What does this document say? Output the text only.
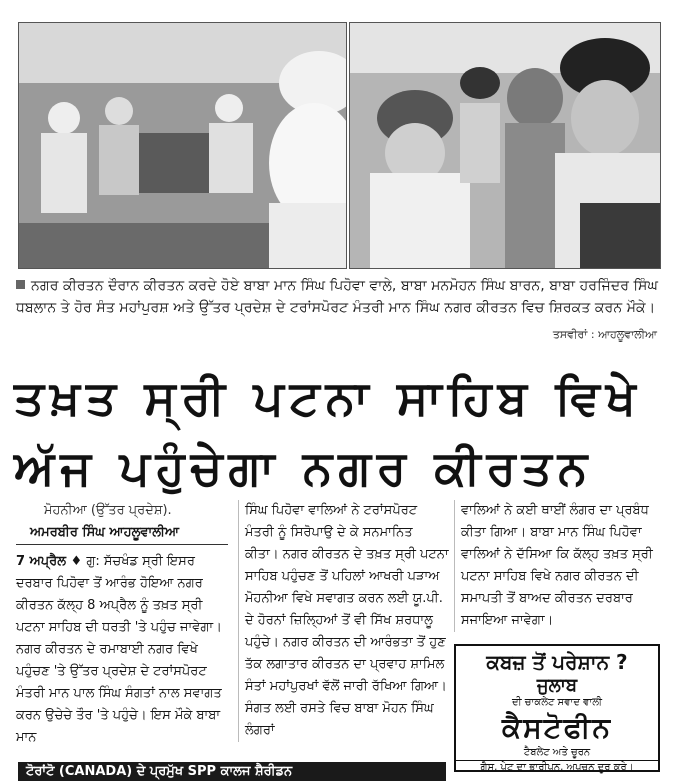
ਨਗਰ ਕੀਰਤਨ ਦੌਰਾਨ ਕੀਰਤਨ ਕਰਦੇ ਹੋਏ ਬਾਬਾ ਮਾਨ ਸਿੰਘ ਪਿਹੋਵਾ ਵਾਲੇ, ਬਾਬਾ ਮਨਮੋਹਨ ਸਿੰਘ ਬਾਰਨ, ਬਾਬਾ ਹਰਜਿੰਦਰ ਸਿੰਘ ਧਬਲਾਨ ਤੇ ਹੋਰ ਸੰਤ ਮਹਾਂਪੁਰਸ਼ ਅਤੇ ਉੱਤਰ ਪ੍ਰਦੇਸ਼ ਦੇ ਟਰਾਂਸਪੋਰਟ ਮੰਤਰੀ ਮਾਨ ਸਿੰਘ ਨਗਰ ਕੀਰਤਨ ਵਿਚ ਸ਼ਿਰਕਤ ਕਰਨ ਮੌਕੇ।
ਤਸਵੀਰਾਂ : ਆਹਲੂਵਾਲੀਆ
ਤਖ਼ਤ ਸ੍ਰੀ ਪਟਨਾ ਸਾਹਿਬ ਵਿਖੇ
ਅੱਜ ਪਹੁੰਚੇਗਾ ਨਗਰ ਕੀਰਤਨ
ਮੋਹਨੀਆ (ਉੱਤਰ ਪ੍ਰਦੇਸ਼).
ਅਮਰਬੀਰ ਸਿੰਘ ਆਹਲੂਵਾਲੀਆ
7 ਅਪ੍ਰੈਲ ♦ ਗੁ: ਸੱਚਖੰਡ ਸ੍ਰੀ ਇਸਰ ਦਰਬਾਰ ਪਿਹੋਵਾ ਤੋਂ ਆਰੰਭ ਹੋਇਆ ਨਗਰ ਕੀਰਤਨ ਕੱਲ੍ਹ 8 ਅਪ੍ਰੈਲ ਨੂੰ ਤਖ਼ਤ ਸ੍ਰੀ ਪਟਨਾ ਸਾਹਿਬ ਦੀ ਧਰਤੀ 'ਤੇ ਪਹੁੰਚ ਜਾਵੇਗਾ। ਨਗਰ ਕੀਰਤਨ ਦੇ ਰਮਾਬਾਈ ਨਗਰ ਵਿਖੇ ਪਹੁੰਚਣ 'ਤੇ ਉੱਤਰ ਪ੍ਰਦੇਸ਼ ਦੇ ਟਰਾਂਸਪੋਰਟ ਮੰਤਰੀ ਮਾਨ ਪਾਲ ਸਿੰਘ ਸੰਗਤਾਂ ਨਾਲ ਸਵਾਗਤ ਕਰਨ ਉਚੇਚੇ ਤੌਰ 'ਤੇ ਪਹੁੰਚੇ। ਇਸ ਮੌਕੇ ਬਾਬਾ ਮਾਨ
ਸਿੰਘ ਪਿਹੋਵਾ ਵਾਲਿਆਂ ਨੇ ਟਰਾਂਸਪੋਰਟ ਮੰਤਰੀ ਨੂੰ ਸਿਰੋਪਾਉ ਦੇ ਕੇ ਸਨਮਾਨਿਤ ਕੀਤਾ। ਨਗਰ ਕੀਰਤਨ ਦੇ ਤਖ਼ਤ ਸ੍ਰੀ ਪਟਨਾ ਸਾਹਿਬ ਪਹੁੰਚਣ ਤੋਂ ਪਹਿਲਾਂ ਆਖਰੀ ਪੜਾਅ ਮੋਹਨੀਆ ਵਿਖੇ ਸਵਾਗਤ ਕਰਨ ਲਈ ਯੂ.ਪੀ. ਦੇ ਹੋਰਨਾਂ ਜ਼ਿਲ੍ਹਿਆਂ ਤੋਂ ਵੀ ਸਿੱਖ ਸ਼ਰਧਾਲੂ ਪਹੁੰਚੇ। ਨਗਰ ਕੀਰਤਨ ਦੀ ਆਰੰਭਤਾ ਤੋਂ ਹੁਣ ਤੱਕ ਲਗਾਤਾਰ ਕੀਰਤਨ ਦਾ ਪ੍ਰਵਾਹ ਸ਼ਾਮਿਲ ਸੰਤਾਂ ਮਹਾਂਪੁਰਖਾਂ ਵੱਲੋਂ ਜਾਰੀ ਰੱਖਿਆ ਗਿਆ। ਸੰਗਤ ਲਈ ਰਸਤੇ ਵਿਚ ਬਾਬਾ ਮੋਹਨ ਸਿੰਘ ਲੰਗਰਾਂ
ਵਾਲਿਆਂ ਨੇ ਕਈ ਥਾਈਂ ਲੰਗਰ ਦਾ ਪ੍ਰਬੰਧ ਕੀਤਾ ਗਿਆ। ਬਾਬਾ ਮਾਨ ਸਿੰਘ ਪਿਹੋਵਾ ਵਾਲਿਆਂ ਨੇ ਦੱਸਿਆ ਕਿ ਕੱਲ੍ਹ ਤਖ਼ਤ ਸ੍ਰੀ ਪਟਨਾ ਸਾਹਿਬ ਵਿਖੇ ਨਗਰ ਕੀਰਤਨ ਦੀ ਸਮਾਪਤੀ ਤੋਂ ਬਾਅਦ ਕੀਰਤਨ ਦਰਬਾਰ ਸਜਾਇਆ ਜਾਵੇਗਾ।
ਕਬਜ਼ ਤੋਂ ਪਰੇਸ਼ਾਨ ?
ਜੁਲਾਬ
ਦੀ ਚਾਕਲੇਟ ਸਵਾਦ ਵਾਲੀ
ਕੈਸਟੋਫੀਨ
ਟੈਬਲੇਟ ਅਤੇ ਚੂਰਨ
ਗੈਸ, ਪੇਟ ਦਾ ਭਾਰੀਪਨ, ਅਪਚਨ ਦੂਰ ਕਰੇ।
ਟੋਰਾਂਟੋ (CANADA) ਦੇ ਪ੍ਰਮੁੱਖ SPP ਕਾਲਜ ਸ਼ੈਰੀਡਨ
